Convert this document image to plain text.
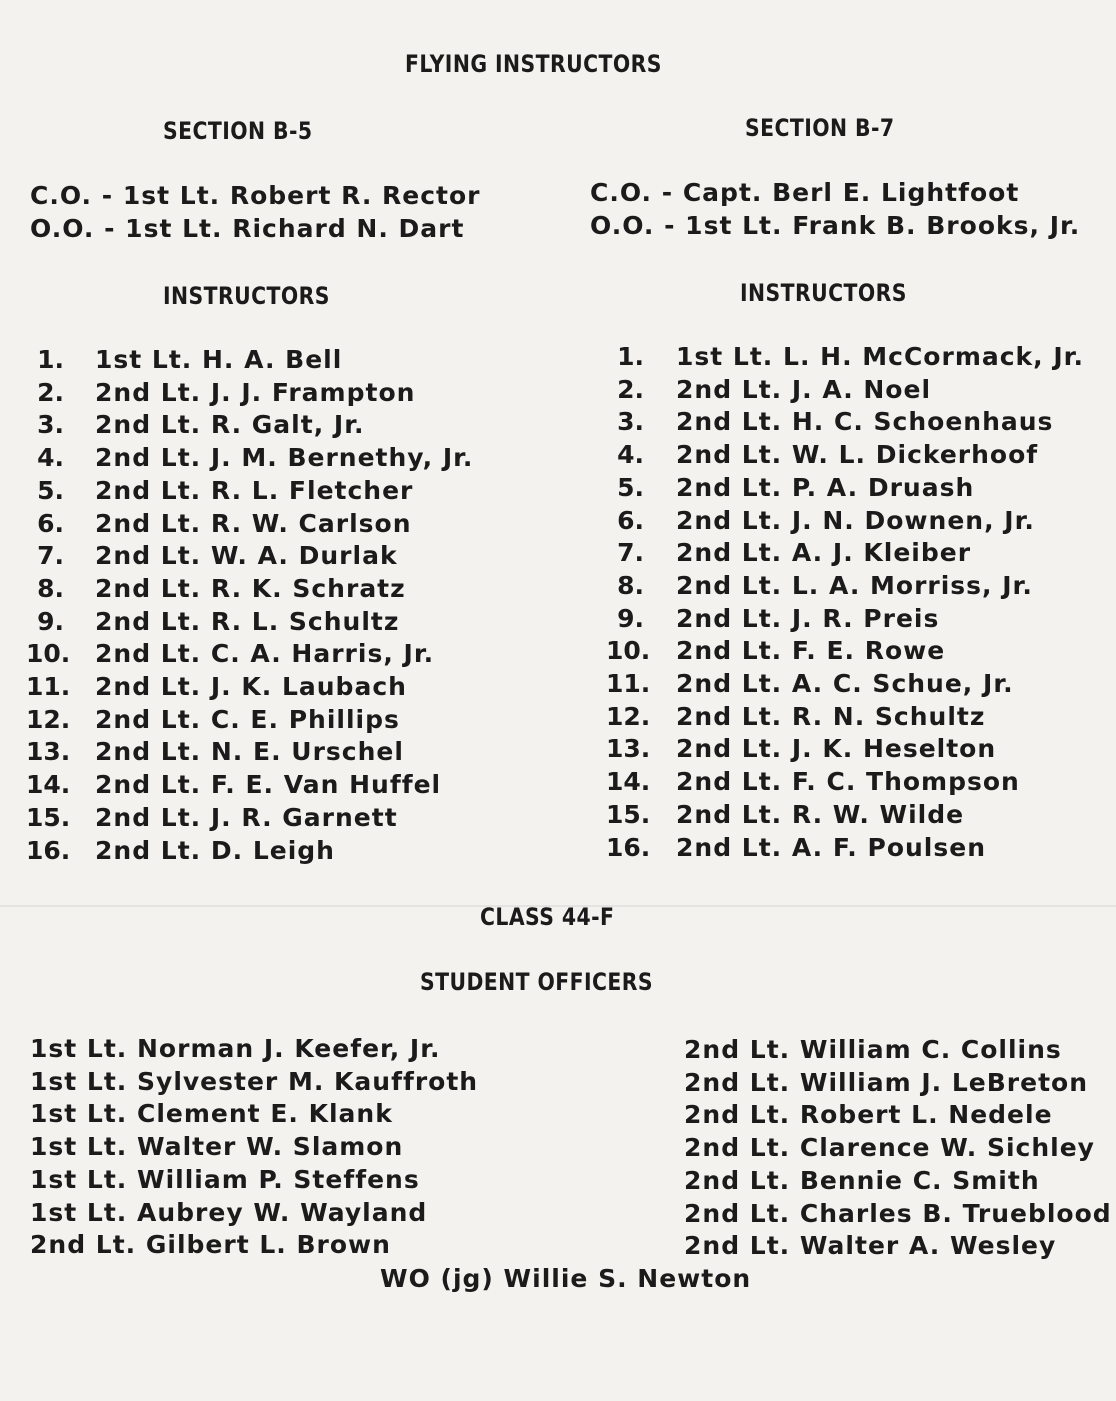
FLYING INSTRUCTORS
SECTION B-5	SECTION B-7
C.O. - 1st Lt. Robert R. Rector
O.O. - 1st Lt. Richard N. Dart
C.O. - Capt. Berl E. Lightfoot
O.O. - 1st Lt. Frank B. Brooks, Jr.
INSTRUCTORS	INSTRUCTORS
1. 1st Lt. H. A. Bell
2. 2nd Lt. J. J. Frampton
3. 2nd Lt. R. Galt, Jr.
4. 2nd Lt. J. M. Bernethy, Jr.
5. 2nd Lt. R. L. Fletcher
6. 2nd Lt. R. W. Carlson
7. 2nd Lt. W. A. Durlak
8. 2nd Lt. R. K. Schratz
9. 2nd Lt. R. L. Schultz
10. 2nd Lt. C. A. Harris, Jr.
11. 2nd Lt. J. K. Laubach
12. 2nd Lt. C. E. Phillips
13. 2nd Lt. N. E. Urschel
14. 2nd Lt. F. E. Van Huffel
15. 2nd Lt. J. R. Garnett
16. 2nd Lt. D. Leigh
1. 1st Lt. L. H. McCormack, Jr.
2. 2nd Lt. J. A. Noel
3. 2nd Lt. H. C. Schoenhaus
4. 2nd Lt. W. L. Dickerhoof
5. 2nd Lt. P. A. Druash
6. 2nd Lt. J. N. Downen, Jr.
7. 2nd Lt. A. J. Kleiber
8. 2nd Lt. L. A. Morriss, Jr.
9. 2nd Lt. J. R. Preis
10. 2nd Lt. F. E. Rowe
11. 2nd Lt. A. C. Schue, Jr.
12. 2nd Lt. R. N. Schultz
13. 2nd Lt. J. K. Heselton
14. 2nd Lt. F. C. Thompson
15. 2nd Lt. R. W. Wilde
16. 2nd Lt. A. F. Poulsen
CLASS 44-F
STUDENT OFFICERS
1st Lt. Norman J. Keefer, Jr.
1st Lt. Sylvester M. Kauffroth
1st Lt. Clement E. Klank
1st Lt. Walter W. Slamon
1st Lt. William P. Steffens
1st Lt. Aubrey W. Wayland
2nd Lt. Gilbert L. Brown
2nd Lt. William C. Collins
2nd Lt. William J. LeBreton
2nd Lt. Robert L. Nedele
2nd Lt. Clarence W. Sichley
2nd Lt. Bennie C. Smith
2nd Lt. Charles B. Trueblood
2nd Lt. Walter A. Wesley
WO (jg) Willie S. Newton
